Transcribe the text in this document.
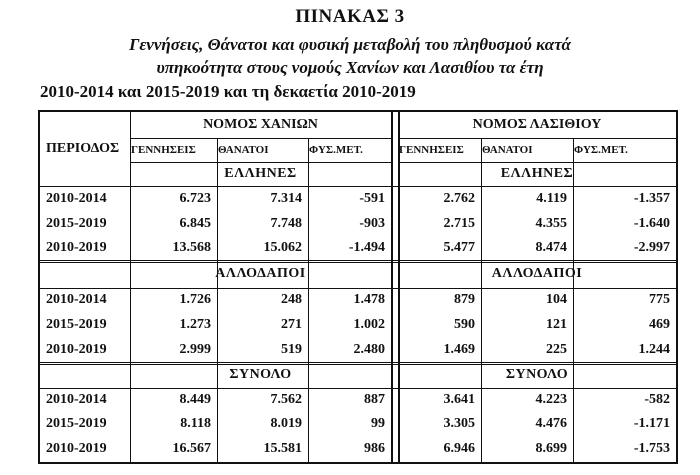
ΠΙΝΑΚΑΣ 3
Γεννήσεις, Θάνατοι και φυσική μεταβολή του πληθυσμού κατά
υπηκοότητα στους νομούς Χανίων και Λασιθίου τα έτη
2010-2014 και 2015-2019 και τη δεκαετία 2010-2019
ΠΕΡΙΟΔΟΣ
ΝΟΜΟΣ ΧΑΝΙΩΝ	ΝΟΜΟΣ ΛΑΣΙΘΙΟΥ
ΓΕΝΝΗΣΕΙΣ	ΘΑΝΑΤΟΙ	ΦΥΣ.ΜΕΤ.	ΓΕΝΝΗΣΕΙΣ	ΘΑΝΑΤΟΙ	ΦΥΣ.ΜΕΤ.
ΕΛΛΗΝΕΣ	ΕΛΛΗΝΕΣ
2010-2014	6.723	7.314	-591	2.762	4.119	-1.357
2015-2019	6.845	7.748	-903	2.715	4.355	-1.640
2010-2019	13.568	15.062	-1.494	5.477	8.474	-2.997
ΑΛΛΟΔΑΠΟΙ	ΑΛΛΟΔΑΠΟΙ
2010-2014	1.726	248	1.478	879	104	775
2015-2019	1.273	271	1.002	590	121	469
2010-2019	2.999	519	2.480	1.469	225	1.244
ΣΥΝΟΛΟ	ΣΥΝΟΛΟ
2010-2014	8.449	7.562	887	3.641	4.223	-582
2015-2019	8.118	8.019	99	3.305	4.476	-1.171
2010-2019	16.567	15.581	986	6.946	8.699	-1.753
